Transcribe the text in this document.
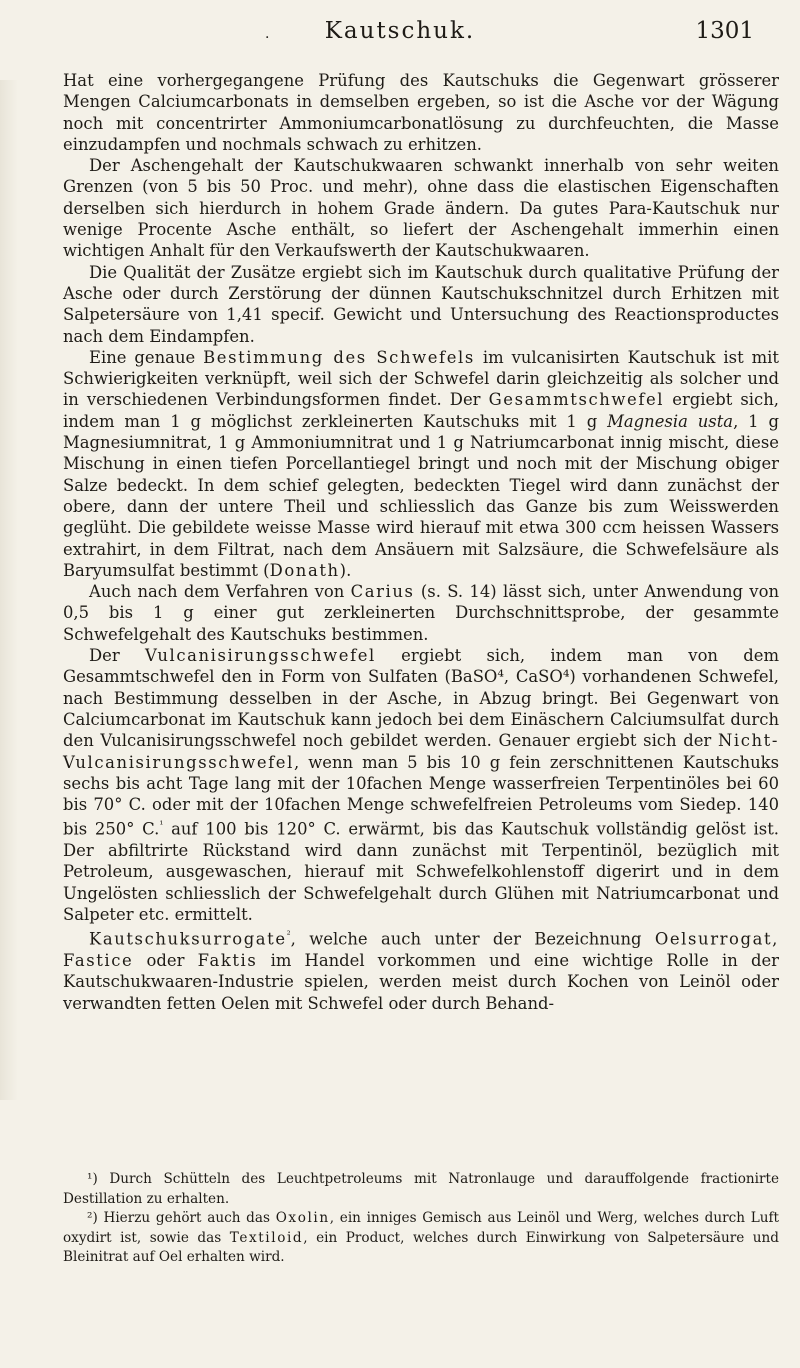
·	Kautschuk.	1301

Hat eine vorhergegangene Prüfung des Kautschuks die Gegenwart grösserer Mengen Calciumcarbonats in demselben ergeben, so ist die Asche vor der Wägung noch mit concentrirter Ammoniumcarbonatlösung zu durchfeuchten, die Masse einzudampfen und nochmals schwach zu erhitzen.

Der Aschengehalt der Kautschukwaaren schwankt innerhalb von sehr weiten Grenzen (von 5 bis 50 Proc. und mehr), ohne dass die elastischen Eigenschaften derselben sich hierdurch in hohem Grade ändern. Da gutes Para-Kautschuk nur wenige Procente Asche enthält, so liefert der Aschengehalt immerhin einen wichtigen Anhalt für den Verkaufswerth der Kautschukwaaren.

Die Qualität der Zusätze ergiebt sich im Kautschuk durch qualitative Prüfung der Asche oder durch Zerstörung der dünnen Kautschukschnitzel durch Erhitzen mit Salpetersäure von 1,41 specif. Gewicht und Untersuchung des Reactionsproductes nach dem Eindampfen.

Eine genaue Bestimmung des Schwefels im vulcanisirten Kautschuk ist mit Schwierigkeiten verknüpft, weil sich der Schwefel darin gleichzeitig als solcher und in verschiedenen Verbindungsformen findet. Der Gesammtschwefel ergiebt sich, indem man 1 g möglichst zerkleinerten Kautschuks mit 1 g Magnesia usta, 1 g Magnesiumnitrat, 1 g Ammoniumnitrat und 1 g Natriumcarbonat innig mischt, diese Mischung in einen tiefen Porcellantiegel bringt und noch mit der Mischung obiger Salze bedeckt. In dem schief gelegten, bedeckten Tiegel wird dann zunächst der obere, dann der untere Theil und schliesslich das Ganze bis zum Weisswerden geglüht. Die gebildete weisse Masse wird hierauf mit etwa 300 ccm heissen Wassers extrahirt, in dem Filtrat, nach dem Ansäuern mit Salzsäure, die Schwefelsäure als Baryumsulfat bestimmt (Donath).

Auch nach dem Verfahren von Carius (s. S. 14) lässt sich, unter Anwendung von 0,5 bis 1 g einer gut zerkleinerten Durchschnittsprobe, der gesammte Schwefelgehalt des Kautschuks bestimmen.

Der Vulcanisirungsschwefel ergiebt sich, indem man von dem Gesammtschwefel den in Form von Sulfaten (BaSO⁴, CaSO⁴) vorhandenen Schwefel, nach Bestimmung desselben in der Asche, in Abzug bringt. Bei Gegenwart von Calciumcarbonat im Kautschuk kann jedoch bei dem Einäschern Calciumsulfat durch den Vulcanisirungsschwefel noch gebildet werden. Genauer ergiebt sich der Nicht-Vulcanisirungsschwefel, wenn man 5 bis 10 g fein zerschnittenen Kautschuks sechs bis acht Tage lang mit der 10fachen Menge wasserfreien Terpentinöles bei 60 bis 70° C. oder mit der 10fachen Menge schwefelfreien Petroleums vom Siedep. 140 bis 250° C.$^{^1}$ auf 100 bis 120° C. erwärmt, bis das Kautschuk vollständig gelöst ist. Der abfiltrirte Rückstand wird dann zunächst mit Terpentinöl, bezüglich mit Petroleum, ausgewaschen, hierauf mit Schwefelkohlenstoff digerirt und in dem Ungelösten schliesslich der Schwefelgehalt durch Glühen mit Natriumcarbonat und Salpeter etc. ermittelt.

Kautschuksurrogate$^{^2}$, welche auch unter der Bezeichnung Oelsurrogat, Fastice oder Faktis im Handel vorkommen und eine wichtige Rolle in der Kautschukwaaren-Industrie spielen, werden meist durch Kochen von Leinöl oder verwandten fetten Oelen mit Schwefel oder durch Behand-

¹) Durch Schütteln des Leuchtpetroleums mit Natronlauge und darauffolgende fractionirte Destillation zu erhalten.

²) Hierzu gehört auch das Oxolin, ein inniges Gemisch aus Leinöl und Werg, welches durch Luft oxydirt ist, sowie das Textiloid, ein Product, welches durch Einwirkung von Salpetersäure und Bleinitrat auf Oel erhalten wird.
